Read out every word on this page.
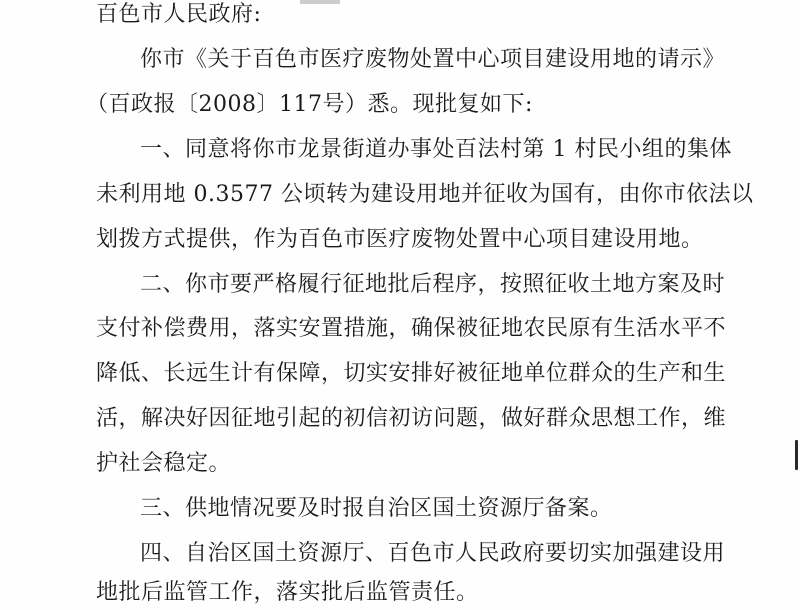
百色市人民政府:
你市《关于百色市医疗废物处置中心项目建设用地的请示》
（百政报〔2008〕117号）悉。现批复如下:
一、同意将你市龙景街道办事处百法村第 1 村民小组的集体
未利用地 0.3577 公顷转为建设用地并征收为国有，由你市依法以
划拨方式提供，作为百色市医疗废物处置中心项目建设用地。
二、你市要严格履行征地批后程序，按照征收土地方案及时
支付补偿费用，落实安置措施，确保被征地农民原有生活水平不
降低、长远生计有保障，切实安排好被征地单位群众的生产和生
活，解决好因征地引起的初信初访问题，做好群众思想工作，维
护社会稳定。
三、供地情况要及时报自治区国土资源厅备案。
四、自治区国土资源厅、百色市人民政府要切实加强建设用
地批后监管工作，落实批后监管责任。
